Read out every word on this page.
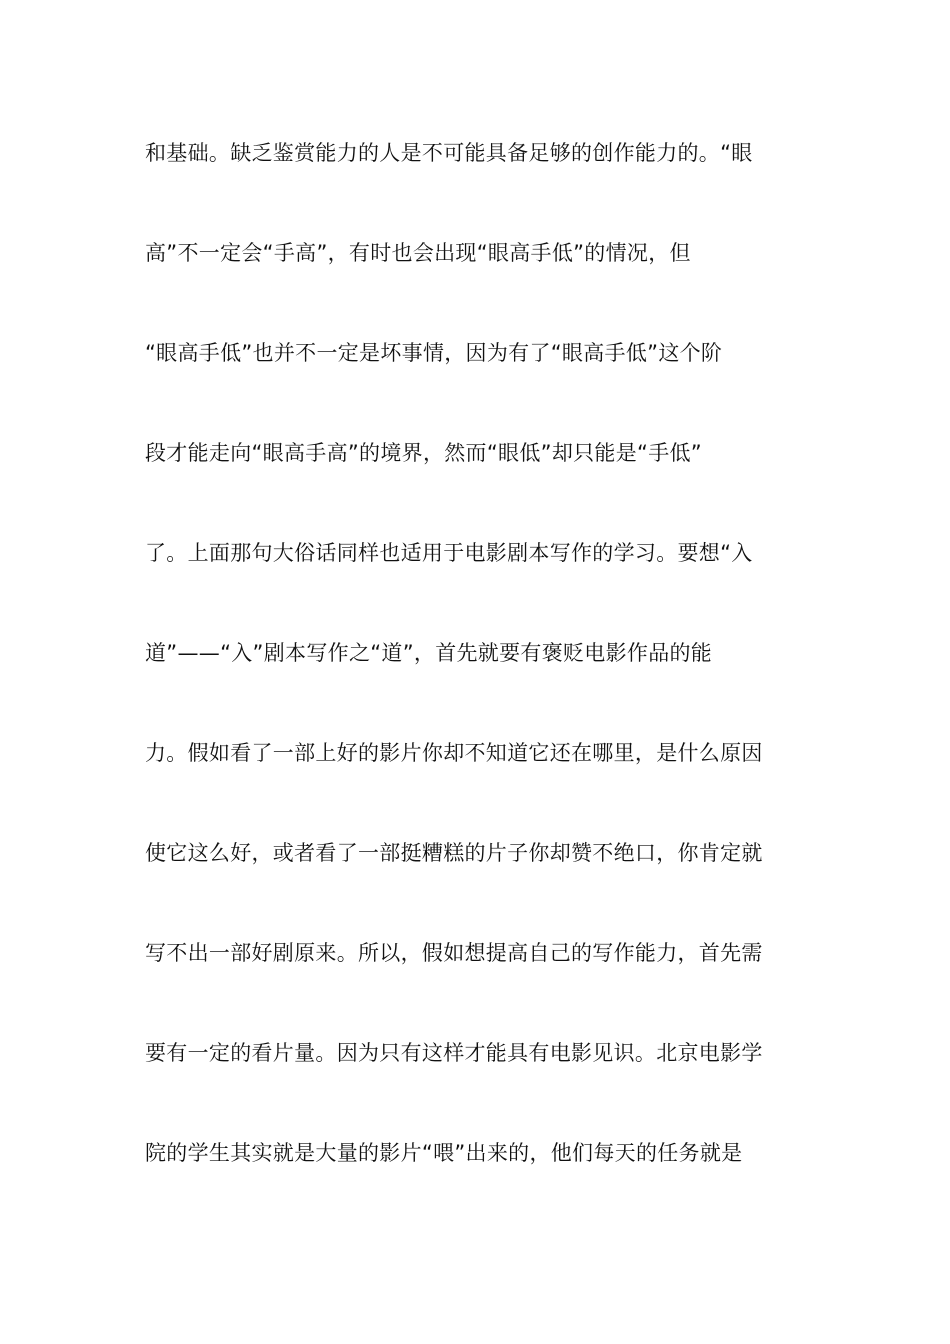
和基础。缺乏鉴赏能力的人是不可能具备足够的创作能力的。“眼
高”不一定会“手高”，有时也会出现“眼高手低”的情况，但
“眼高手低”也并不一定是坏事情，因为有了“眼高手低”这个阶
段才能走向“眼高手高”的境界，然而“眼低”却只能是“手低”
了。上面那句大俗话同样也适用于电影剧本写作的学习。要想“入
道”——“入”剧本写作之“道”，首先就要有褒贬电影作品的能
力。假如看了一部上好的影片你却不知道它还在哪里，是什么原因
使它这么好，或者看了一部挺糟糕的片子你却赞不绝口，你肯定就
写不出一部好剧原来。所以，假如想提高自己的写作能力，首先需
要有一定的看片量。因为只有这样才能具有电影见识。北京电影学
院的学生其实就是大量的影片“喂”出来的，他们每天的任务就是
